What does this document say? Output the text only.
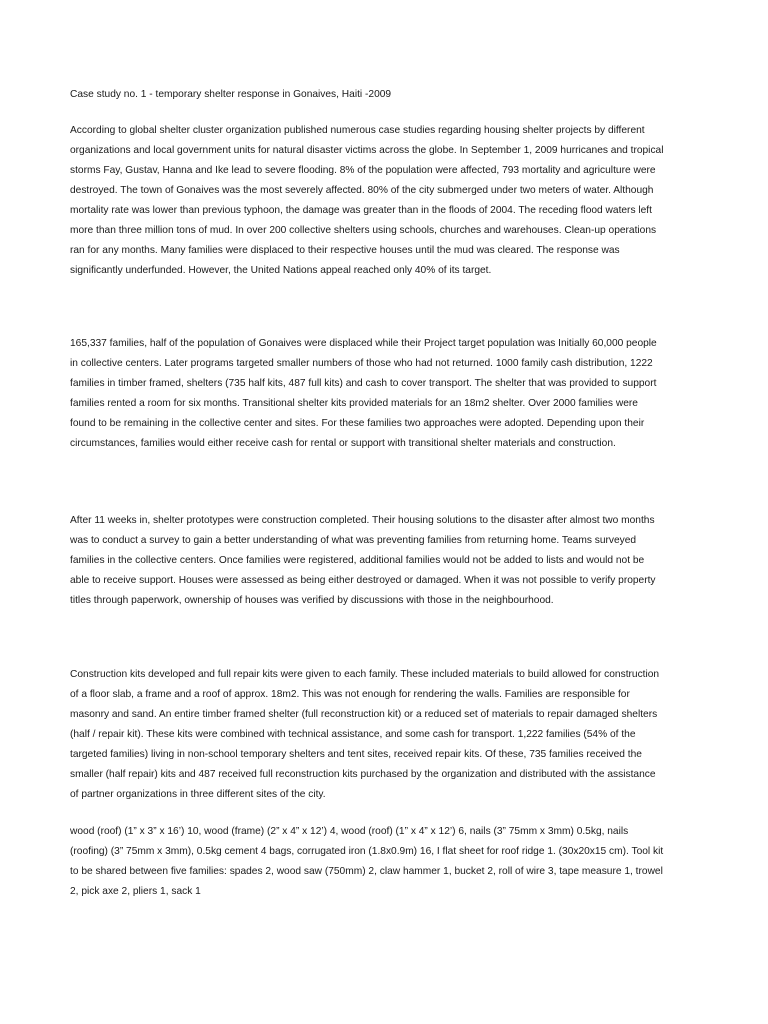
Case study no. 1 - temporary shelter response in Gonaives, Haiti -2009
According to global shelter cluster organization published numerous case studies regarding housing shelter projects by different
organizations and local government units for natural disaster victims across the globe. In September 1, 2009 hurricanes and tropical
storms Fay, Gustav, Hanna and Ike lead to severe flooding. 8% of the population were affected, 793 mortality and agriculture were
destroyed. The town of Gonaives was the most severely affected. 80% of the city submerged under two meters of water. Although
mortality rate was lower than previous typhoon, the damage was greater than in the floods of 2004. The receding flood waters left
more than three million tons of mud. In over 200 collective shelters using schools, churches and warehouses. Clean-up operations
ran for any months. Many families were displaced to their respective houses until the mud was cleared. The response was
significantly underfunded. However, the United Nations appeal reached only 40% of its target.
165,337 families, half of the population of Gonaives were displaced while their Project target population was Initially 60,000 people
in collective centers. Later programs targeted smaller numbers of those who had not returned. 1000 family cash distribution, 1222
families in timber framed, shelters (735 half kits, 487 full kits) and cash to cover transport. The shelter that was provided to support
families rented a room for six months. Transitional shelter kits provided materials for an 18m2 shelter. Over 2000 families were
found to be remaining in the collective center and sites. For these families two approaches were adopted. Depending upon their
circumstances, families would either receive cash for rental or support with transitional shelter materials and construction.
After 11 weeks in, shelter prototypes were construction completed. Their housing solutions to the disaster after almost two months
was to conduct a survey to gain a better understanding of what was preventing families from returning home. Teams surveyed
families in the collective centers. Once families were registered, additional families would not be added to lists and would not be
able to receive support. Houses were assessed as being either destroyed or damaged. When it was not possible to verify property
titles through paperwork, ownership of houses was verified by discussions with those in the neighbourhood.
Construction kits developed and full repair kits were given to each family. These included materials to build allowed for construction
of a floor slab, a frame and a roof of approx. 18m2. This was not enough for rendering the walls. Families are responsible for
masonry and sand. An entire timber framed shelter (full reconstruction kit) or a reduced set of materials to repair damaged shelters
(half / repair kit). These kits were combined with technical assistance, and some cash for transport. 1,222 families (54% of the
targeted families) living in non-school temporary shelters and tent sites, received repair kits. Of these, 735 families received the
smaller (half repair) kits and 487 received full reconstruction kits purchased by the organization and distributed with the assistance
of partner organizations in three different sites of the city.
wood (roof) (1” x 3” x 16’) 10, wood (frame) (2” x 4” x 12’) 4, wood (roof) (1” x 4” x 12’) 6, nails (3” 75mm x 3mm) 0.5kg, nails
(roofing) (3” 75mm x 3mm), 0.5kg cement 4 bags, corrugated iron (1.8x0.9m) 16, I flat sheet for roof ridge 1. (30x20x15 cm). Tool kit
to be shared between five families: spades 2, wood saw (750mm) 2, claw hammer 1, bucket 2, roll of wire 3, tape measure 1, trowel
2, pick axe 2, pliers 1, sack 1
